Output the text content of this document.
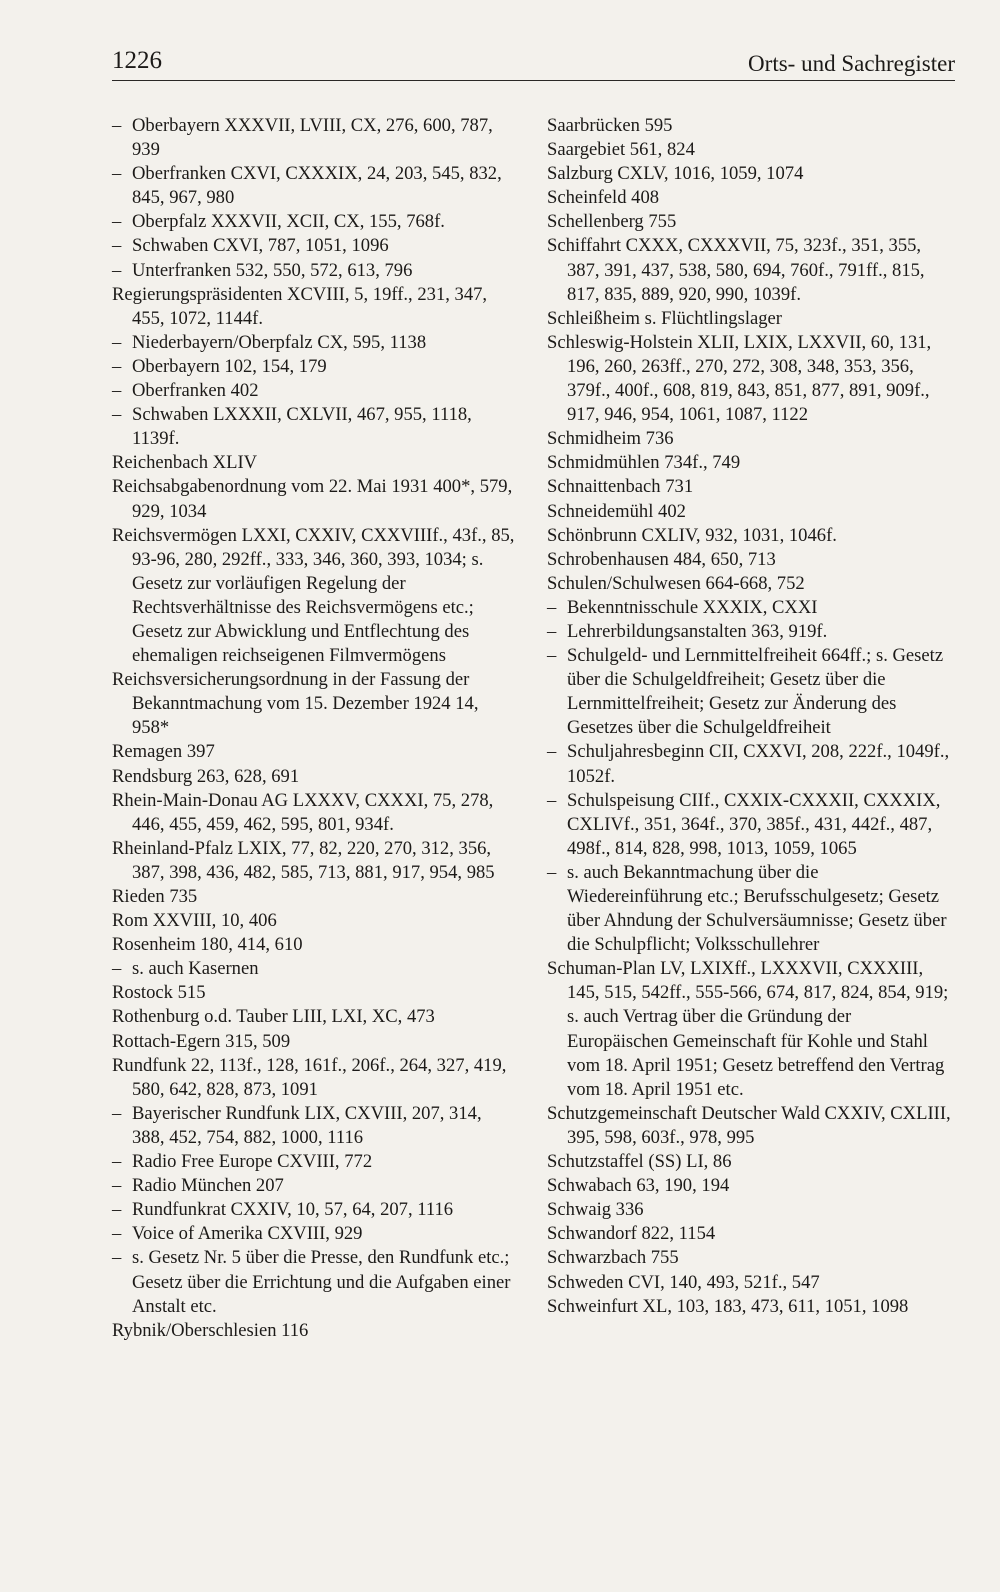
1226	Orts- und Sachregister

– Oberbayern XXXVII, LVIII, CX, 276, 600, 787, 939

– Oberfranken CXVI, CXXXIX, 24, 203, 545, 832, 845, 967, 980

– Oberpfalz XXXVII, XCII, CX, 155, 768f.

– Schwaben CXVI, 787, 1051, 1096

– Unterfranken 532, 550, 572, 613, 796

Regierungspräsidenten XCVIII, 5, 19ff., 231, 347, 455, 1072, 1144f.

– Niederbayern/Oberpfalz CX, 595, 1138

– Oberbayern 102, 154, 179

– Oberfranken 402

– Schwaben LXXXII, CXLVII, 467, 955, 1118, 1139f.

Reichenbach XLIV

Reichsabgabenordnung vom 22. Mai 1931 400*, 579, 929, 1034

Reichsvermögen LXXI, CXXIV, CXXVIIIf., 43f., 85, 93-96, 280, 292ff., 333, 346, 360, 393, 1034; s. Gesetz zur vorläufigen Regelung der Rechtsverhältnisse des Reichsvermögens etc.; Gesetz zur Abwicklung und Entflechtung des ehemaligen reichseigenen Filmvermögens

Reichsversicherungsordnung in der Fassung der Bekanntmachung vom 15. Dezember 1924 14, 958*

Remagen 397

Rendsburg 263, 628, 691

Rhein-Main-Donau AG LXXXV, CXXXI, 75, 278, 446, 455, 459, 462, 595, 801, 934f.

Rheinland-Pfalz LXIX, 77, 82, 220, 270, 312, 356, 387, 398, 436, 482, 585, 713, 881, 917, 954, 985

Rieden 735

Rom XXVIII, 10, 406

Rosenheim 180, 414, 610

– s. auch Kasernen

Rostock 515

Rothenburg o.d. Tauber LIII, LXI, XC, 473

Rottach-Egern 315, 509

Rundfunk 22, 113f., 128, 161f., 206f., 264, 327, 419, 580, 642, 828, 873, 1091

– Bayerischer Rundfunk LIX, CXVIII, 207, 314, 388, 452, 754, 882, 1000, 1116

– Radio Free Europe CXVIII, 772

– Radio München 207

– Rundfunkrat CXXIV, 10, 57, 64, 207, 1116

– Voice of Amerika CXVIII, 929

– s. Gesetz Nr. 5 über die Presse, den Rundfunk etc.; Gesetz über die Errichtung und die Aufgaben einer Anstalt etc.

Rybnik/Oberschlesien 116

Saarbrücken 595

Saargebiet 561, 824

Salzburg CXLV, 1016, 1059, 1074

Scheinfeld 408

Schellenberg 755

Schiffahrt CXXX, CXXXVII, 75, 323f., 351, 355, 387, 391, 437, 538, 580, 694, 760f., 791ff., 815, 817, 835, 889, 920, 990, 1039f.

Schleißheim s. Flüchtlingslager

Schleswig-Holstein XLII, LXIX, LXXVII, 60, 131, 196, 260, 263ff., 270, 272, 308, 348, 353, 356, 379f., 400f., 608, 819, 843, 851, 877, 891, 909f., 917, 946, 954, 1061, 1087, 1122

Schmidheim 736

Schmidmühlen 734f., 749

Schnaittenbach 731

Schneidemühl 402

Schönbrunn CXLIV, 932, 1031, 1046f.

Schrobenhausen 484, 650, 713

Schulen/Schulwesen 664-668, 752

– Bekenntnisschule XXXIX, CXXI

– Lehrerbildungsanstalten 363, 919f.

– Schulgeld- und Lernmittelfreiheit 664ff.; s. Gesetz über die Schulgeldfreiheit; Gesetz über die Lernmittelfreiheit; Gesetz zur Änderung des Gesetzes über die Schulgeldfreiheit

– Schuljahresbeginn CII, CXXVI, 208, 222f., 1049f., 1052f.

– Schulspeisung CIIf., CXXIX-CXXXII, CXXXIX, CXLIVf., 351, 364f., 370, 385f., 431, 442f., 487, 498f., 814, 828, 998, 1013, 1059, 1065

– s. auch Bekanntmachung über die Wiedereinführung etc.; Berufsschulgesetz; Gesetz über Ahndung der Schulversäumnisse; Gesetz über die Schulpflicht; Volksschullehrer

Schuman-Plan LV, LXIXff., LXXXVII, CXXXIII, 145, 515, 542ff., 555-566, 674, 817, 824, 854, 919; s. auch Vertrag über die Gründung der Europäischen Gemeinschaft für Kohle und Stahl vom 18. April 1951; Gesetz betreffend den Vertrag vom 18. April 1951 etc.

Schutzgemeinschaft Deutscher Wald CXXIV, CXLIII, 395, 598, 603f., 978, 995

Schutzstaffel (SS) LI, 86

Schwabach 63, 190, 194

Schwaig 336

Schwandorf 822, 1154

Schwarzbach 755

Schweden CVI, 140, 493, 521f., 547

Schweinfurt XL, 103, 183, 473, 611, 1051, 1098
